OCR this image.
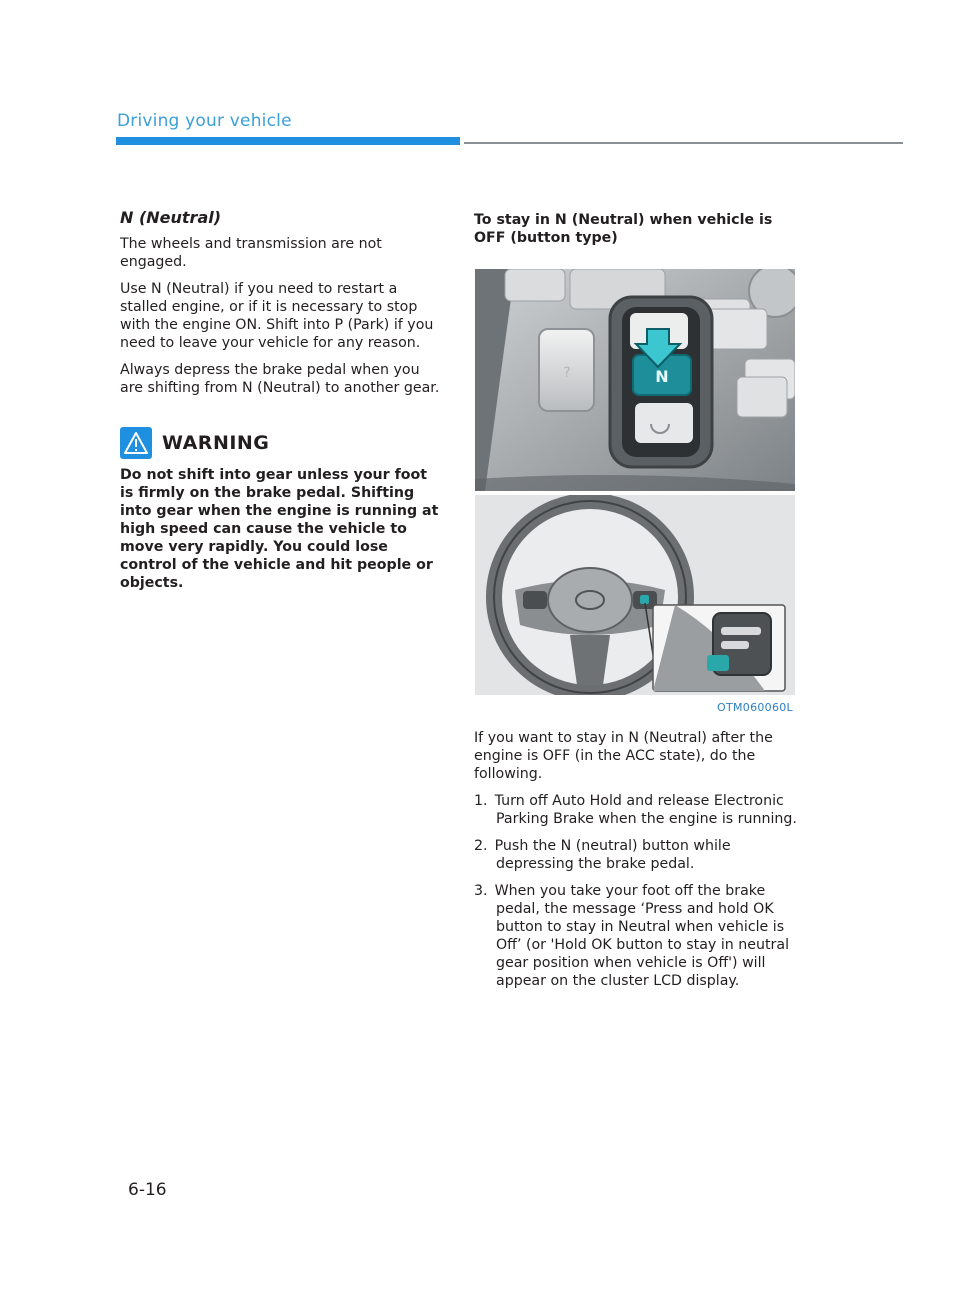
Driving your vehicle
N (Neutral)

The wheels and transmission are not engaged.

Use N (Neutral) if you need to restart a stalled engine, or if it is necessary to stop with the engine ON. Shift into P (Park) if you need to leave your vehicle for any reason.

Always depress the brake pedal when you are shifting from N (Neutral) to another gear.

WARNING

Do not shift into gear unless your foot is firmly on the brake pedal. Shifting into gear when the engine is running at high speed can cause the vehicle to move very rapidly. You could lose control of the vehicle and hit people or objects.

To stay in N (Neutral) when vehicle is OFF (button type)
?	N
OTM060060L

If you want to stay in N (Neutral) after the engine is OFF (in the ACC state), do the following.

1. Turn off Auto Hold and release Electronic Parking Brake when the engine is running.
2. Push the N (neutral) button while depressing the brake pedal.
3. When you take your foot off the brake pedal, the message ‘Press and hold OK button to stay in Neutral when vehicle is Off’ (or 'Hold OK button to stay in neutral gear position when vehicle is Off') will appear on the cluster LCD display.
6-16
